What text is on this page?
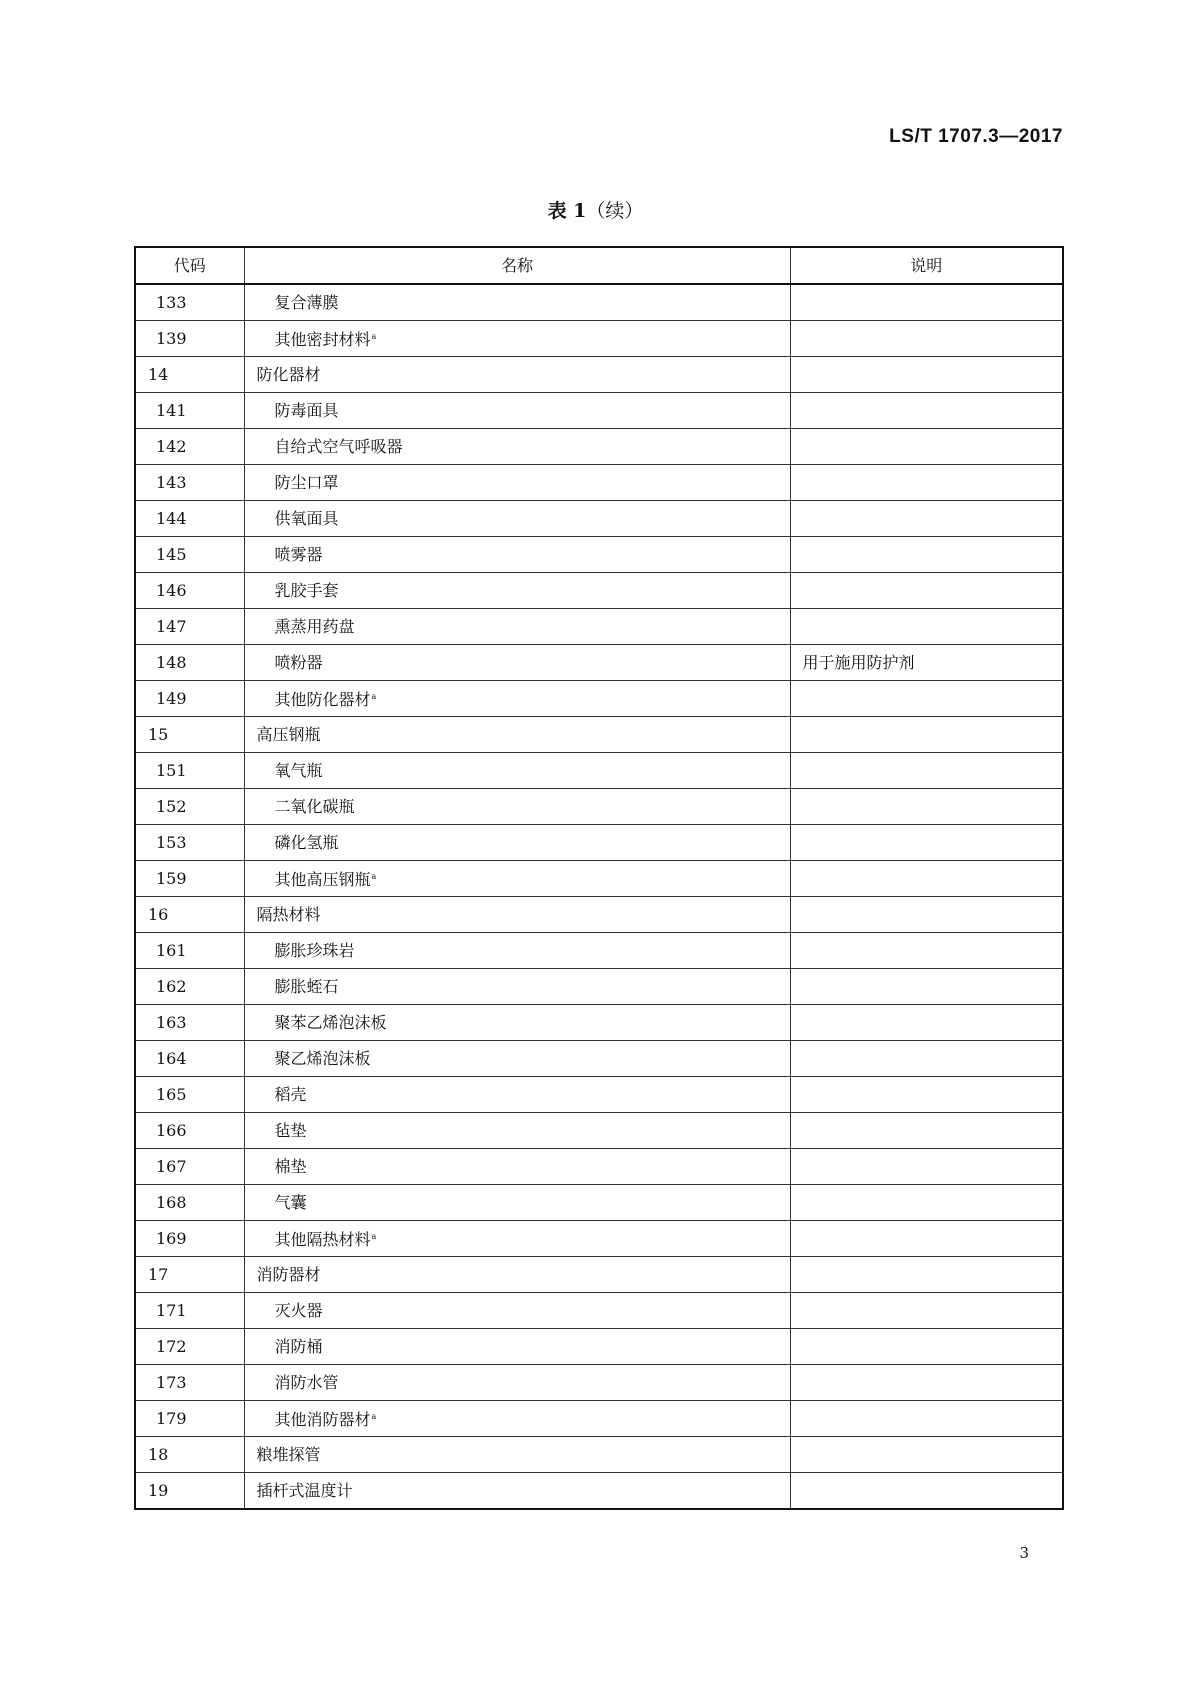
LS/T 1707.3—2017
表 1（续）
代码	名称	说明
133	复合薄膜	
139	其他密封材料$^a$	
14	防化器材	
141	防毒面具	
142	自给式空气呼吸器	
143	防尘口罩	
144	供氧面具	
145	喷雾器	
146	乳胶手套	
147	熏蒸用药盘	
148	喷粉器	用于施用防护剂
149	其他防化器材$^a$	
15	高压钢瓶	
151	氧气瓶	
152	二氧化碳瓶	
153	磷化氢瓶	
159	其他高压钢瓶$^a$	
16	隔热材料	
161	膨胀珍珠岩	
162	膨胀蛭石	
163	聚苯乙烯泡沫板	
164	聚乙烯泡沫板	
165	稻壳	
166	毡垫	
167	棉垫	
168	气囊	
169	其他隔热材料$^a$	
17	消防器材	
171	灭火器	
172	消防桶	
173	消防水管	
179	其他消防器材$^a$	
18	粮堆探管	
19	插杆式温度计	
3
